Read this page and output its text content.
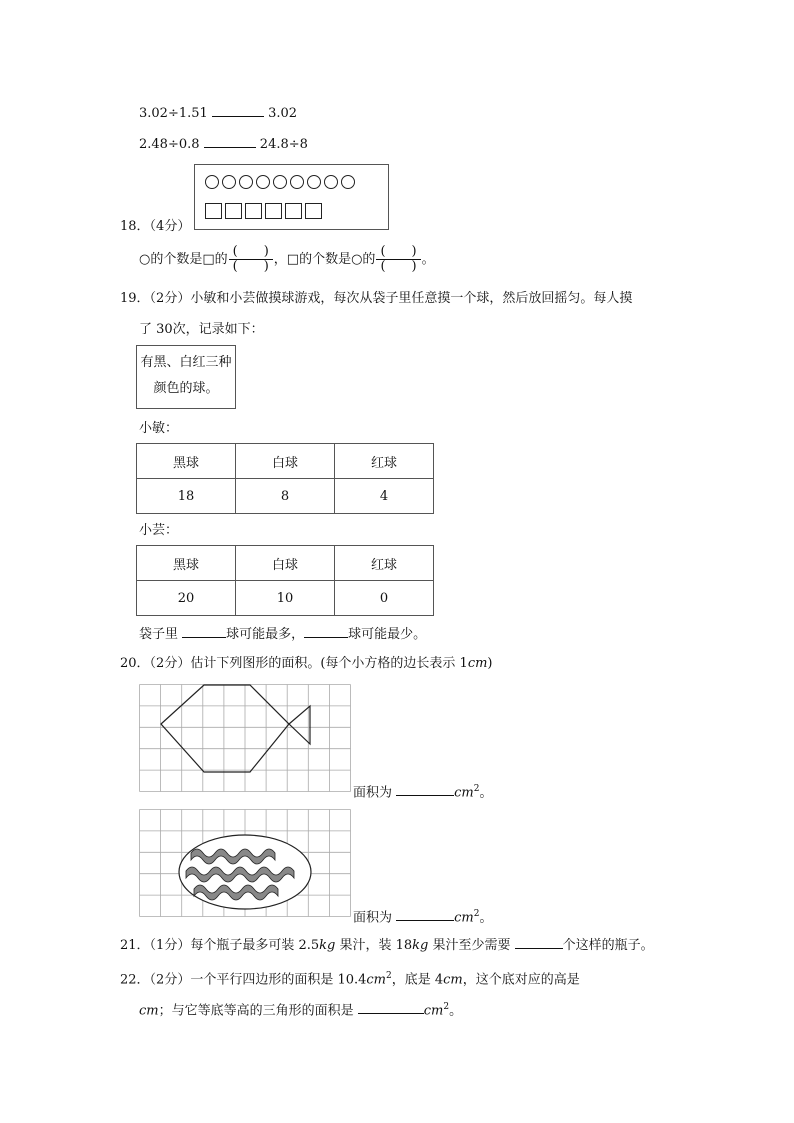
3.02÷1.51	3.02
2.48÷0.8	24.8÷8
18．（4分）
○的个数是□的 $\frac{( )}{( )}$ ，□的个数是○的 $\frac{( )}{( )}$ 。
19．（2分）小敏和小芸做摸球游戏，每次从袋子里任意摸一个球，然后放回摇匀。每人摸
了 30次，记录如下：
有黑、白红三种
颜色的球。
小敏：
黑球	白球	红球
18	8	4
小芸：
黑球	白球	红球
20	10	0
袋子里	球可能最多，	球可能最少。
20．（2分）估计下列图形的面积。(每个小方格的边长表示 1cm)
面积为	$cm^2$。
面积为	$cm^2$。
21．（1分）每个瓶子最多可装 2.5kg 果汁，装 18kg 果汁至少需要	个这样的瓶子。
22．（2分）一个平行四边形的面积是 $10.4cm^2$，底是 4cm，这个底对应的高是
cm；与它等底等高的三角形的面积是	$cm^2$。
